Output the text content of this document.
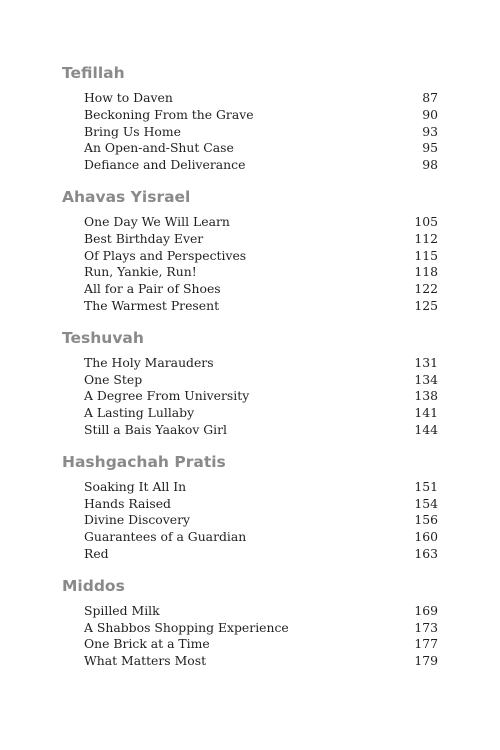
Tefillah
How to Daven	87
Beckoning From the Grave	90
Bring Us Home	93
An Open-and-Shut Case	95
Defiance and Deliverance	98
Ahavas Yisrael
One Day We Will Learn	105
Best Birthday Ever	112
Of Plays and Perspectives	115
Run, Yankie, Run!	118
All for a Pair of Shoes	122
The Warmest Present	125
Teshuvah
The Holy Marauders	131
One Step	134
A Degree From University	138
A Lasting Lullaby	141
Still a Bais Yaakov Girl	144
Hashgachah Pratis
Soaking It All In	151
Hands Raised	154
Divine Discovery	156
Guarantees of a Guardian	160
Red	163
Middos
Spilled Milk	169
A Shabbos Shopping Experience	173
One Brick at a Time	177
What Matters Most	179
